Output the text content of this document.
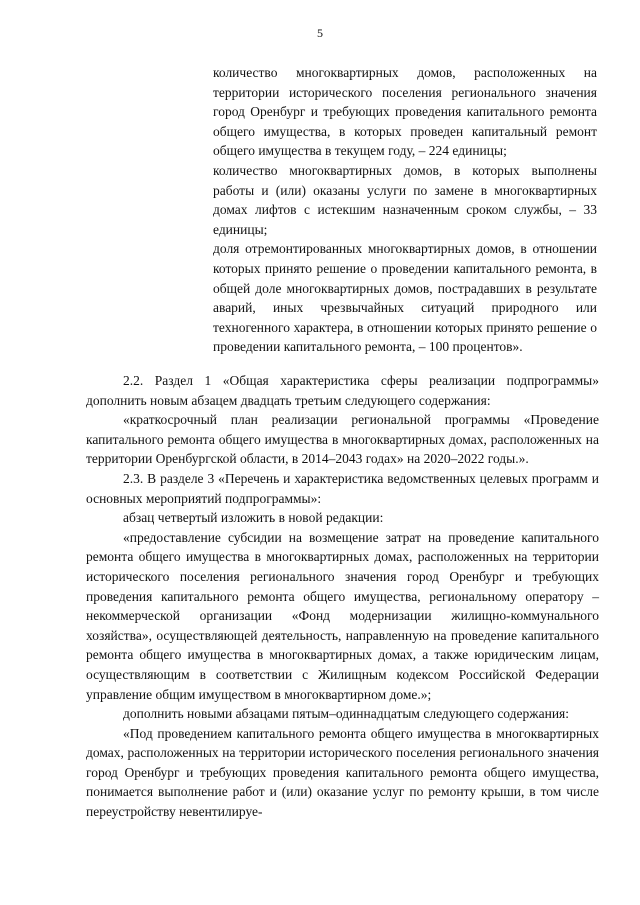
5

количество многоквартирных домов, расположенных на территории исторического поселения регионального значения город Оренбург и требующих проведения капитального ремонта общего имущества, в которых проведен капитальный ремонт общего имущества в текущем году, – 224 единицы;

количество многоквартирных домов, в которых выполнены работы и (или) оказаны услуги по замене в многоквартирных домах лифтов с истекшим назначенным сроком службы, – 33 единицы;

доля отремонтированных многоквартирных домов, в отношении которых принято решение о проведении капитального ремонта, в общей доле многоквартирных домов, пострадавших в результате аварий, иных чрезвычайных ситуаций природного или техногенного характера, в отношении которых принято решение о проведении капитального ремонта, – 100 процентов».

2.2. Раздел 1 «Общая характеристика сферы реализации подпрограммы» дополнить новым абзацем двадцать третьим следующего содержания:

«краткосрочный план реализации региональной программы «Проведение капитального ремонта общего имущества в многоквартирных домах, расположенных на территории Оренбургской области, в 2014–2043 годах» на 2020–2022 годы.».

2.3. В разделе 3 «Перечень и характеристика ведомственных целевых программ и основных мероприятий подпрограммы»:

абзац четвертый изложить в новой редакции:

«предоставление субсидии на возмещение затрат на проведение капитального ремонта общего имущества в многоквартирных домах, расположенных на территории исторического поселения регионального значения город Оренбург и требующих проведения капитального ремонта общего имущества, региональному оператору – некоммерческой организации «Фонд модернизации жилищно-коммунального хозяйства», осуществляющей деятельность, направленную на проведение капитального ремонта общего имущества в многоквартирных домах, а также юридическим лицам, осуществляющим в соответствии с Жилищным кодексом Российской Федерации управление общим имуществом в многоквартирном доме.»;

дополнить новыми абзацами пятым–одиннадцатым следующего содержания:

«Под проведением капитального ремонта общего имущества в многоквартирных домах, расположенных на территории исторического поселения регионального значения город Оренбург и требующих проведения капитального ремонта общего имущества, понимается выполнение работ и (или) оказание услуг по ремонту крыши, в том числе переустройству невентилируе-
